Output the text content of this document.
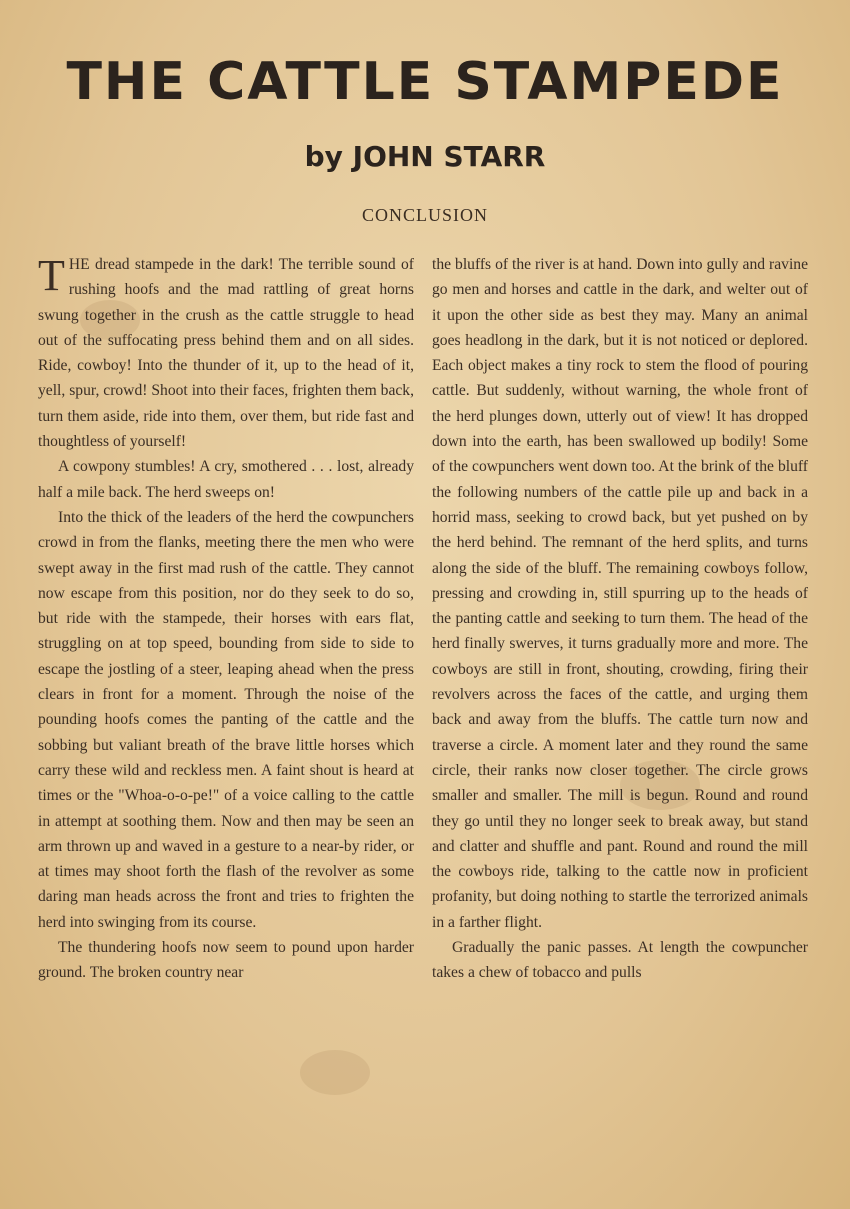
THE CATTLE STAMPEDE
by JOHN STARR
CONCLUSION

THE dread stampede in the dark! The terrible sound of rushing hoofs and the mad rattling of great horns swung together in the crush as the cattle struggle to head out of the suffocating press behind them and on all sides. Ride, cowboy! Into the thunder of it, up to the head of it, yell, spur, crowd! Shoot into their faces, frighten them back, turn them aside, ride into them, over them, but ride fast and thoughtless of yourself!

A cowpony stumbles! A cry, smothered . . . lost, already half a mile back. The herd sweeps on!

Into the thick of the leaders of the herd the cowpunchers crowd in from the flanks, meeting there the men who were swept away in the first mad rush of the cattle. They cannot now escape from this position, nor do they seek to do so, but ride with the stampede, their horses with ears flat, struggling on at top speed, bounding from side to side to escape the jostling of a steer, leaping ahead when the press clears in front for a moment. Through the noise of the pounding hoofs comes the panting of the cattle and the sobbing but valiant breath of the brave little horses which carry these wild and reckless men. A faint shout is heard at times or the "Whoa-o-o-pe!" of a voice calling to the cattle in attempt at soothing them. Now and then may be seen an arm thrown up and waved in a gesture to a near-by rider, or at times may shoot forth the flash of the revolver as some daring man heads across the front and tries to frighten the herd into swinging from its course.

The thundering hoofs now seem to pound upon harder ground. The broken country near

the bluffs of the river is at hand. Down into gully and ravine go men and horses and cattle in the dark, and welter out of it upon the other side as best they may. Many an animal goes headlong in the dark, but it is not noticed or deplored. Each object makes a tiny rock to stem the flood of pouring cattle. But suddenly, without warning, the whole front of the herd plunges down, utterly out of view! It has dropped down into the earth, has been swallowed up bodily! Some of the cowpunchers went down too. At the brink of the bluff the following numbers of the cattle pile up and back in a horrid mass, seeking to crowd back, but yet pushed on by the herd behind. The remnant of the herd splits, and turns along the side of the bluff. The remaining cowboys follow, pressing and crowding in, still spurring up to the heads of the panting cattle and seeking to turn them. The head of the herd finally swerves, it turns gradually more and more. The cowboys are still in front, shouting, crowding, firing their revolvers across the faces of the cattle, and urging them back and away from the bluffs. The cattle turn now and traverse a circle. A moment later and they round the same circle, their ranks now closer together. The circle grows smaller and smaller. The mill is begun. Round and round they go until they no longer seek to break away, but stand and clatter and shuffle and pant. Round and round the mill the cowboys ride, talking to the cattle now in proficient profanity, but doing nothing to startle the terrorized animals in a farther flight.

Gradually the panic passes. At length the cowpuncher takes a chew of tobacco and pulls
